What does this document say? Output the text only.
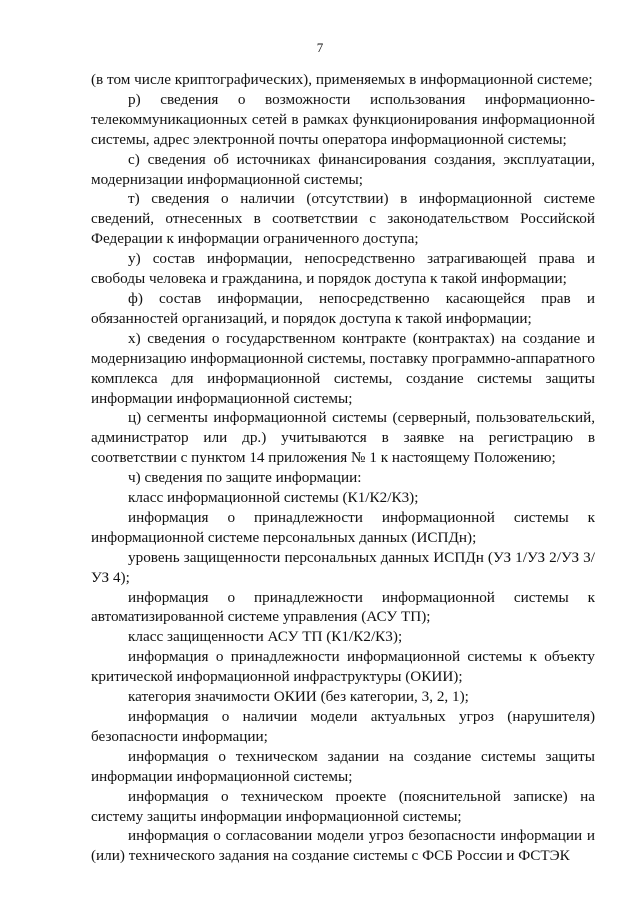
7

(в том числе криптографических), применяемых в информационной системе;

р) сведения о возможности использования информационно-телекоммуникационных сетей в рамках функционирования информационной системы, адрес электронной почты оператора информационной системы;

с) сведения об источниках финансирования создания, эксплуатации, модернизации информационной системы;

т) сведения о наличии (отсутствии) в информационной системе сведений, отнесенных в соответствии с законодательством Российской Федерации к информации ограниченного доступа;

у) состав информации, непосредственно затрагивающей права и свободы человека и гражданина, и порядок доступа к такой информации;

ф) состав информации, непосредственно касающейся прав и обязанностей организаций, и порядок доступа к такой информации;

х) сведения о государственном контракте (контрактах) на создание и модернизацию информационной системы, поставку программно-аппаратного комплекса для информационной системы, создание системы защиты информации информационной системы;

ц) сегменты информационной системы (серверный, пользовательский, администратор или др.) учитываются в заявке на регистрацию в соответствии с пунктом 14 приложения № 1 к настоящему Положению;

ч) сведения по защите информации:

класс информационной системы (К1/К2/К3);

информация о принадлежности информационной системы к информационной системе персональных данных (ИСПДн);

уровень защищенности персональных данных ИСПДн (УЗ 1/УЗ 2/УЗ 3/УЗ 4);

информация о принадлежности информационной системы к автоматизированной системе управления (АСУ ТП);

класс защищенности АСУ ТП (К1/К2/К3);

информация о принадлежности информационной системы к объекту критической информационной инфраструктуры (ОКИИ);

категория значимости ОКИИ (без категории, 3, 2, 1);

информация о наличии модели актуальных угроз (нарушителя) безопасности информации;

информация о техническом задании на создание системы защиты информации информационной системы;

информация о техническом проекте (пояснительной записке) на систему защиты информации информационной системы;

информация о согласовании модели угроз безопасности информации и (или) технического задания на создание системы с ФСБ России и ФСТЭК
